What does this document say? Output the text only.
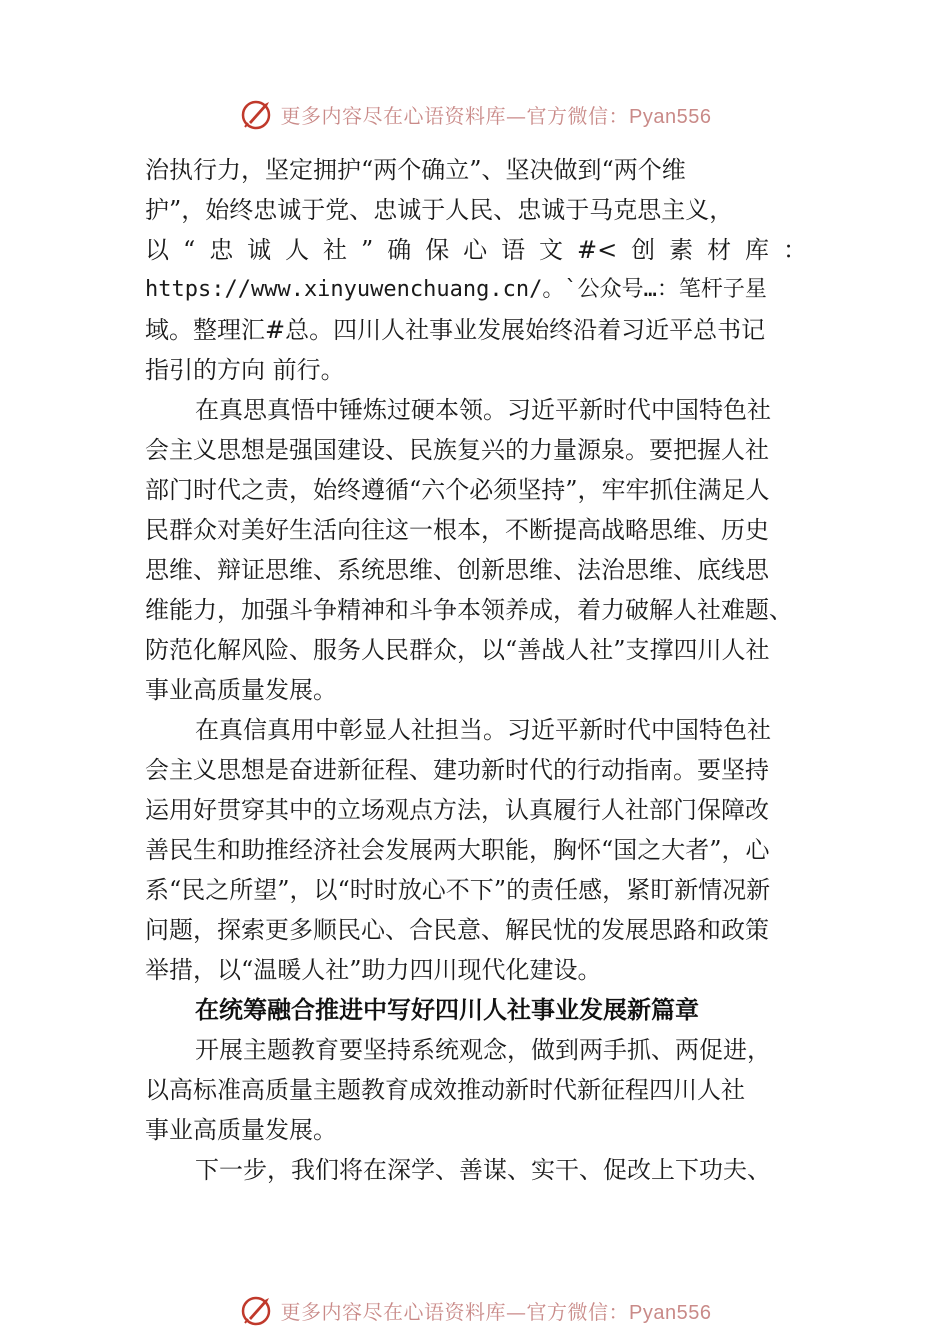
更多内容尽在心语资料库—官方微信：Pyan556
治执行力，坚定拥护“两个确立”、坚决做到“两个维
护”，始终忠诚于党、忠诚于人民、忠诚于马克思主义，
以 “ 忠 诚 人 社 ” 确 保 心 语 文 #< 创 素 材 库 ：
https://www.xinyuwenchuang.cn/。`公众号…：笔杆子星
域。整理汇#总。四川人社事业发展始终沿着习近平总书记
指引的方向 前行。
在真思真悟中锤炼过硬本领。习近平新时代中国特色社
会主义思想是强国建设、民族复兴的力量源泉。要把握人社
部门时代之责，始终遵循“六个必须坚持”，牢牢抓住满足人
民群众对美好生活向往这一根本，不断提高战略思维、历史
思维、辩证思维、系统思维、创新思维、法治思维、底线思
维能力，加强斗争精神和斗争本领养成，着力破解人社难题、
防范化解风险、服务人民群众，以“善战人社”支撑四川人社
事业高质量发展。
在真信真用中彰显人社担当。习近平新时代中国特色社
会主义思想是奋进新征程、建功新时代的行动指南。要坚持
运用好贯穿其中的立场观点方法，认真履行人社部门保障改
善民生和助推经济社会发展两大职能，胸怀“国之大者”，心
系“民之所望”，以“时时放心不下”的责任感，紧盯新情况新
问题，探索更多顺民心、合民意、解民忧的发展思路和政策
举措，以“温暖人社”助力四川现代化建设。
在统筹融合推进中写好四川人社事业发展新篇章
开展主题教育要坚持系统观念，做到两手抓、两促进，
以高标准高质量主题教育成效推动新时代新征程四川人社
事业高质量发展。
下一步，我们将在深学、善谋、实干、促改上下功夫、
更多内容尽在心语资料库—官方微信：Pyan556
